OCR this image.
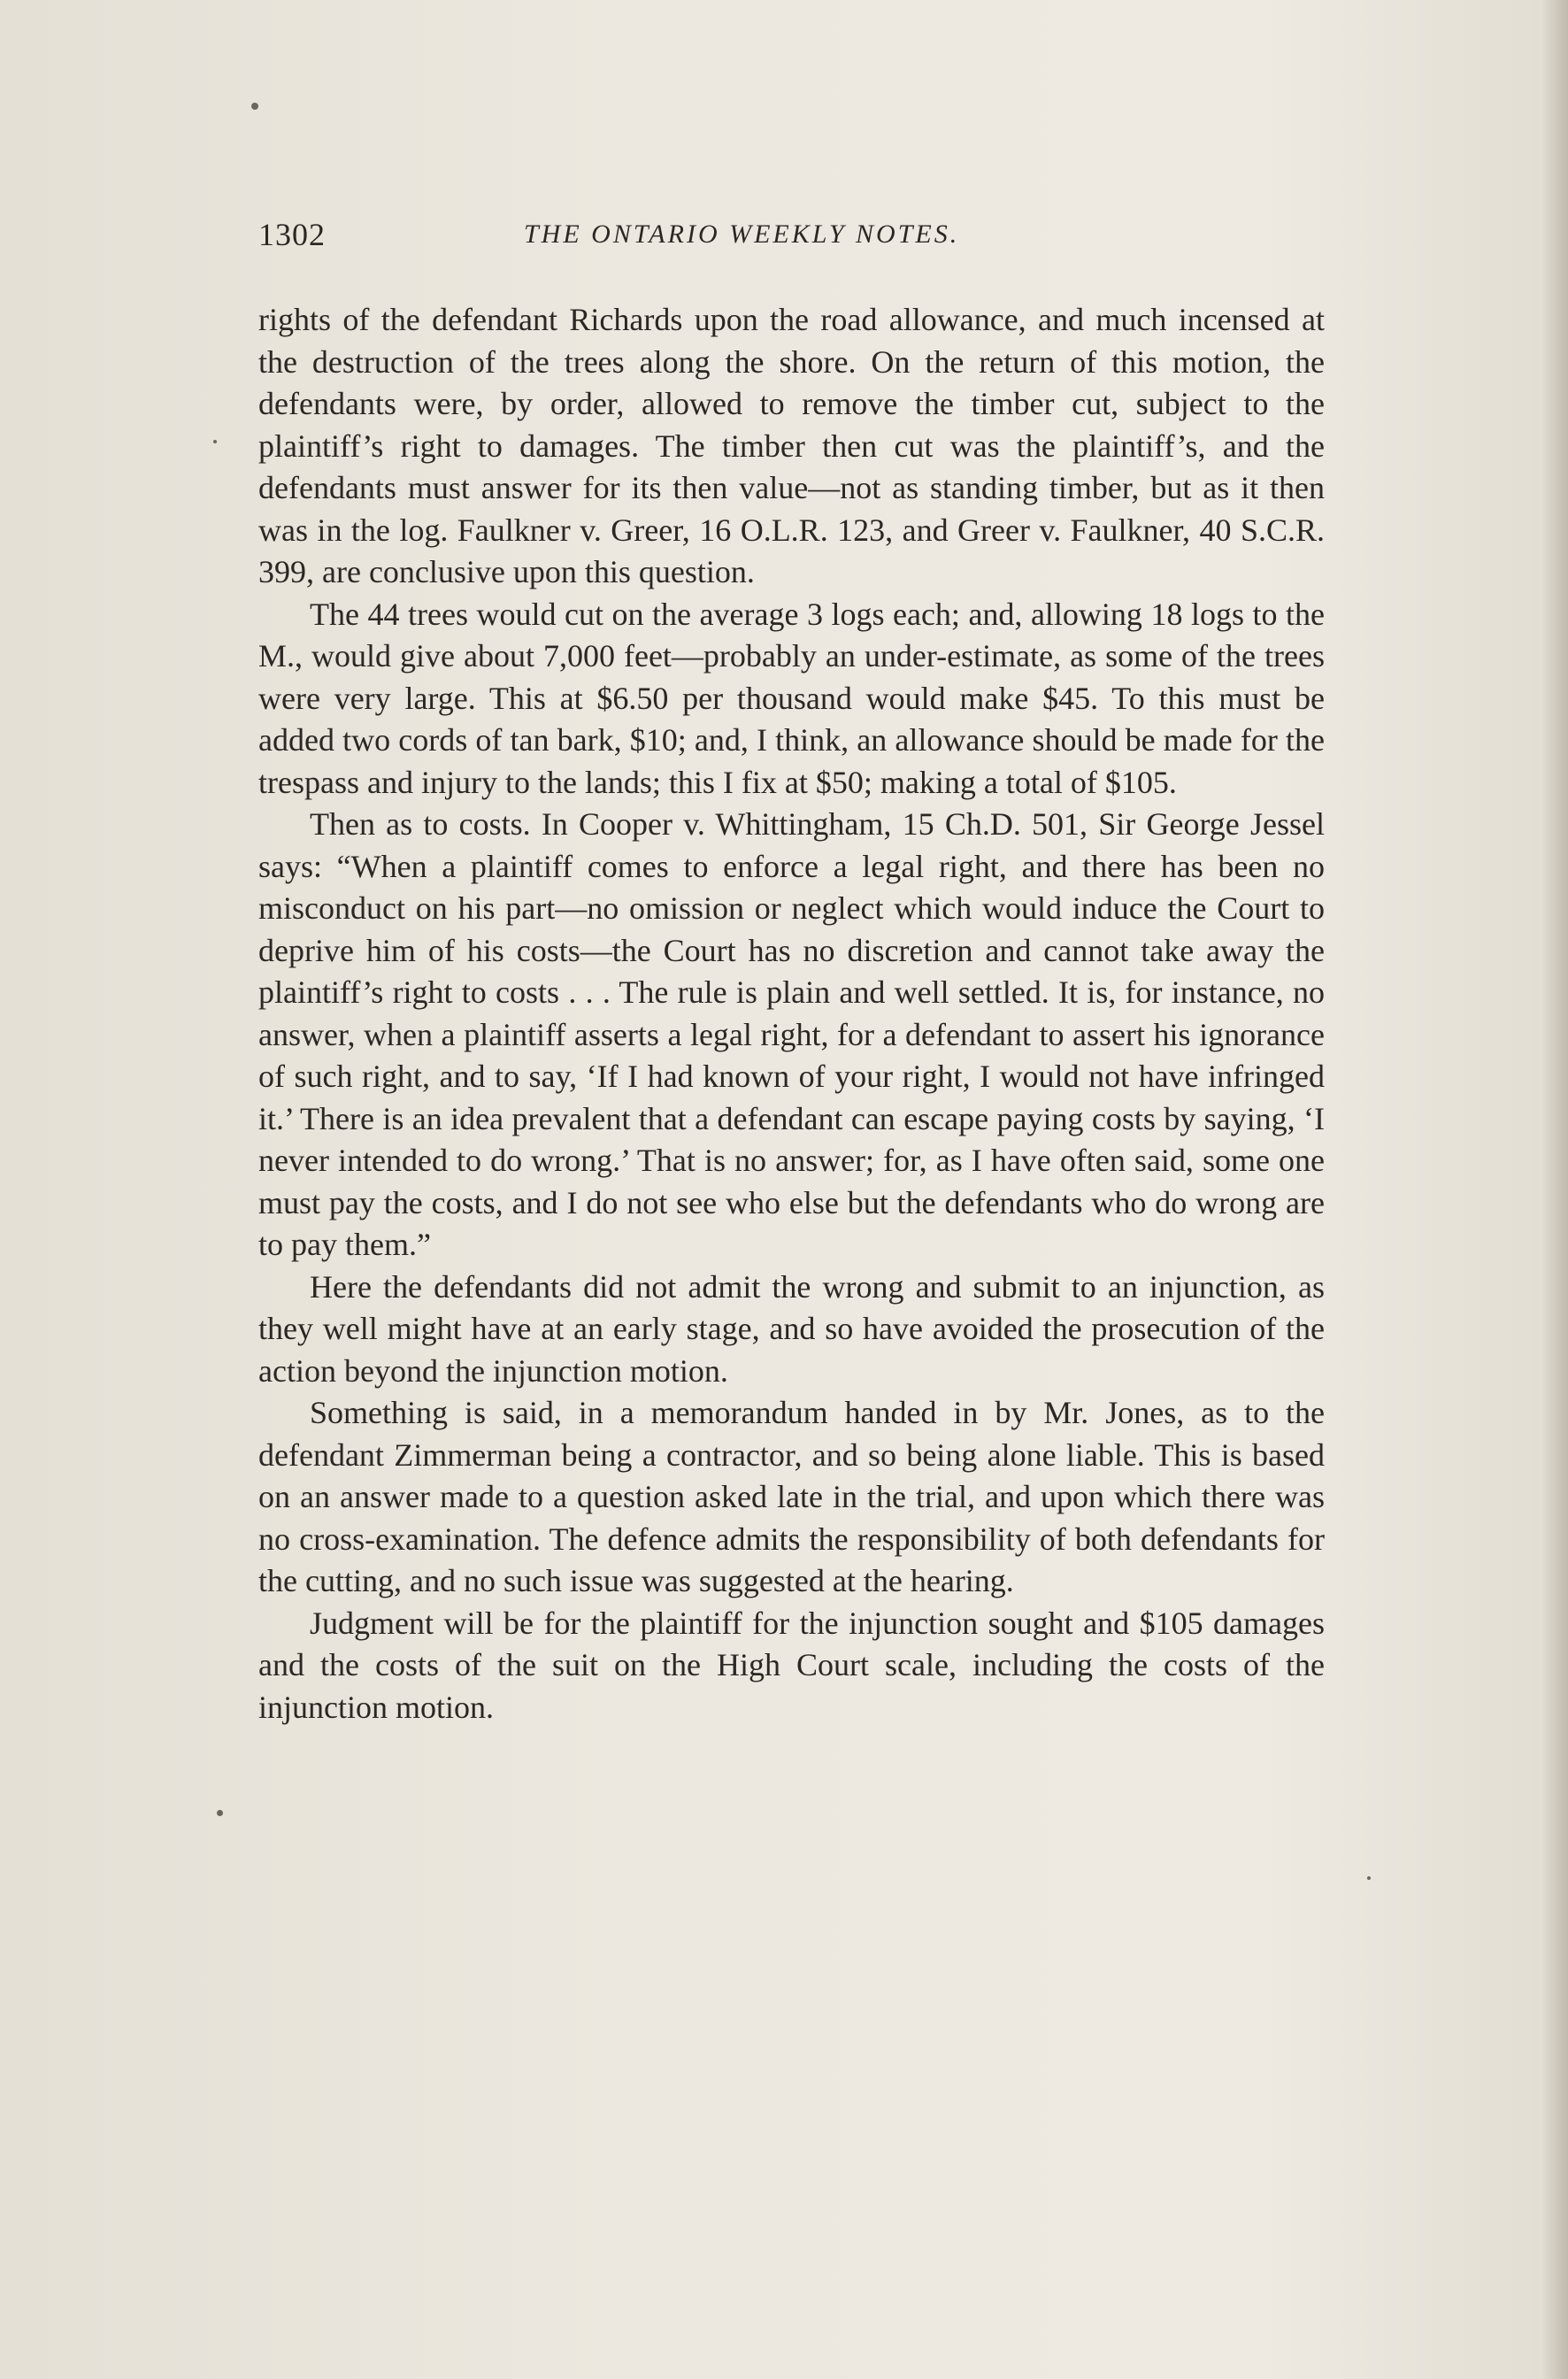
1302	THE ONTARIO WEEKLY NOTES.

rights of the defendant Richards upon the road allowance, and much incensed at the destruction of the trees along the shore. On the return of this motion, the defendants were, by order, allowed to remove the timber cut, subject to the plaintiff’s right to damages. The timber then cut was the plaintiff’s, and the defendants must answer for its then value—not as standing timber, but as it then was in the log. Faulkner v. Greer, 16 O.L.R. 123, and Greer v. Faulkner, 40 S.C.R. 399, are conclusive upon this question.

The 44 trees would cut on the average 3 logs each; and, allowing 18 logs to the M., would give about 7,000 feet—probably an under-estimate, as some of the trees were very large. This at $6.50 per thousand would make $45. To this must be added two cords of tan bark, $10; and, I think, an allowance should be made for the trespass and injury to the lands; this I fix at $50; making a total of $105.

Then as to costs. In Cooper v. Whittingham, 15 Ch.D. 501, Sir George Jessel says: “When a plaintiff comes to enforce a legal right, and there has been no misconduct on his part—no omission or neglect which would induce the Court to deprive him of his costs—the Court has no discretion and cannot take away the plaintiff’s right to costs . . . The rule is plain and well settled. It is, for instance, no answer, when a plaintiff asserts a legal right, for a defendant to assert his ignorance of such right, and to say, ‘If I had known of your right, I would not have infringed it.’ There is an idea prevalent that a defendant can escape paying costs by saying, ‘I never intended to do wrong.’ That is no answer; for, as I have often said, some one must pay the costs, and I do not see who else but the defendants who do wrong are to pay them.”

Here the defendants did not admit the wrong and submit to an injunction, as they well might have at an early stage, and so have avoided the prosecution of the action beyond the injunction motion.

Something is said, in a memorandum handed in by Mr. Jones, as to the defendant Zimmerman being a contractor, and so being alone liable. This is based on an answer made to a question asked late in the trial, and upon which there was no cross-examination. The defence admits the responsibility of both defendants for the cutting, and no such issue was suggested at the hearing.

Judgment will be for the plaintiff for the injunction sought and $105 damages and the costs of the suit on the High Court scale, including the costs of the injunction motion.
